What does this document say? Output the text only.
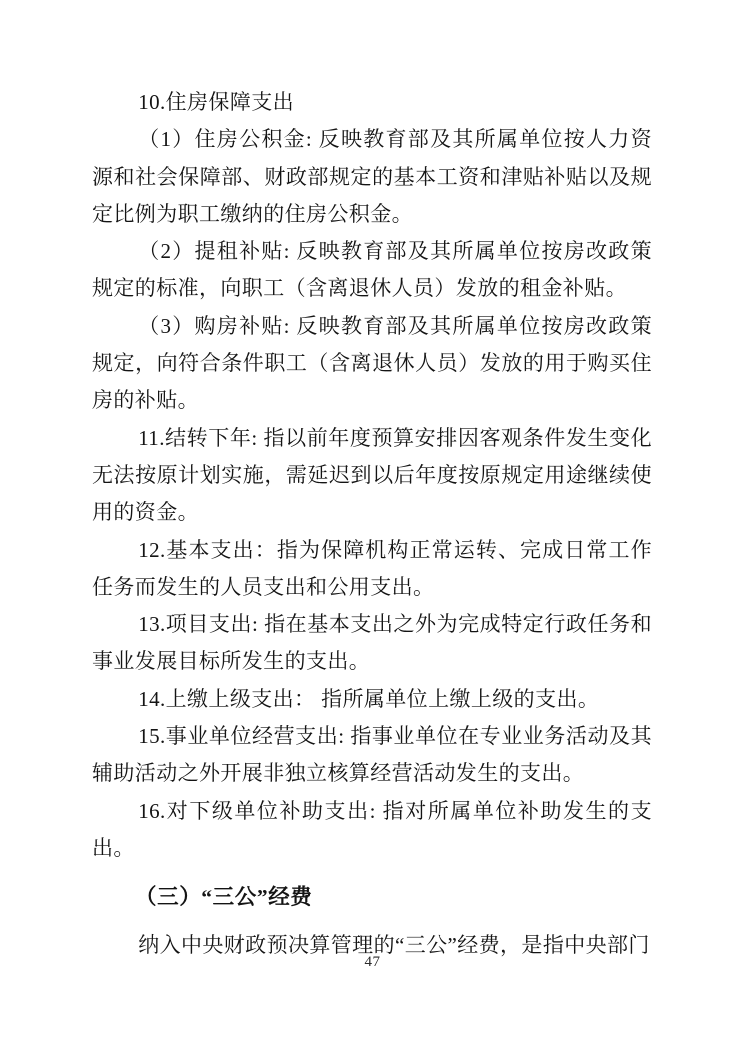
10.住房保障支出

（1）住房公积金: 反映教育部及其所属单位按人力资源和社会保障部、财政部规定的基本工资和津贴补贴以及规定比例为职工缴纳的住房公积金。

（2）提租补贴: 反映教育部及其所属单位按房改政策规定的标准，向职工（含离退休人员）发放的租金补贴。

（3）购房补贴: 反映教育部及其所属单位按房改政策规定，向符合条件职工（含离退休人员）发放的用于购买住房的补贴。

11.结转下年: 指以前年度预算安排因客观条件发生变化无法按原计划实施，需延迟到以后年度按原规定用途继续使用的资金。

12.基本支出：指为保障机构正常运转、完成日常工作任务而发生的人员支出和公用支出。

13.项目支出: 指在基本支出之外为完成特定行政任务和事业发展目标所发生的支出。

14.上缴上级支出： 指所属单位上缴上级的支出。

15.事业单位经营支出: 指事业单位在专业业务活动及其辅助活动之外开展非独立核算经营活动发生的支出。

16.对下级单位补助支出: 指对所属单位补助发生的支出。

（三）“三公”经费

纳入中央财政预决算管理的“三公”经费，是指中央部门

47
